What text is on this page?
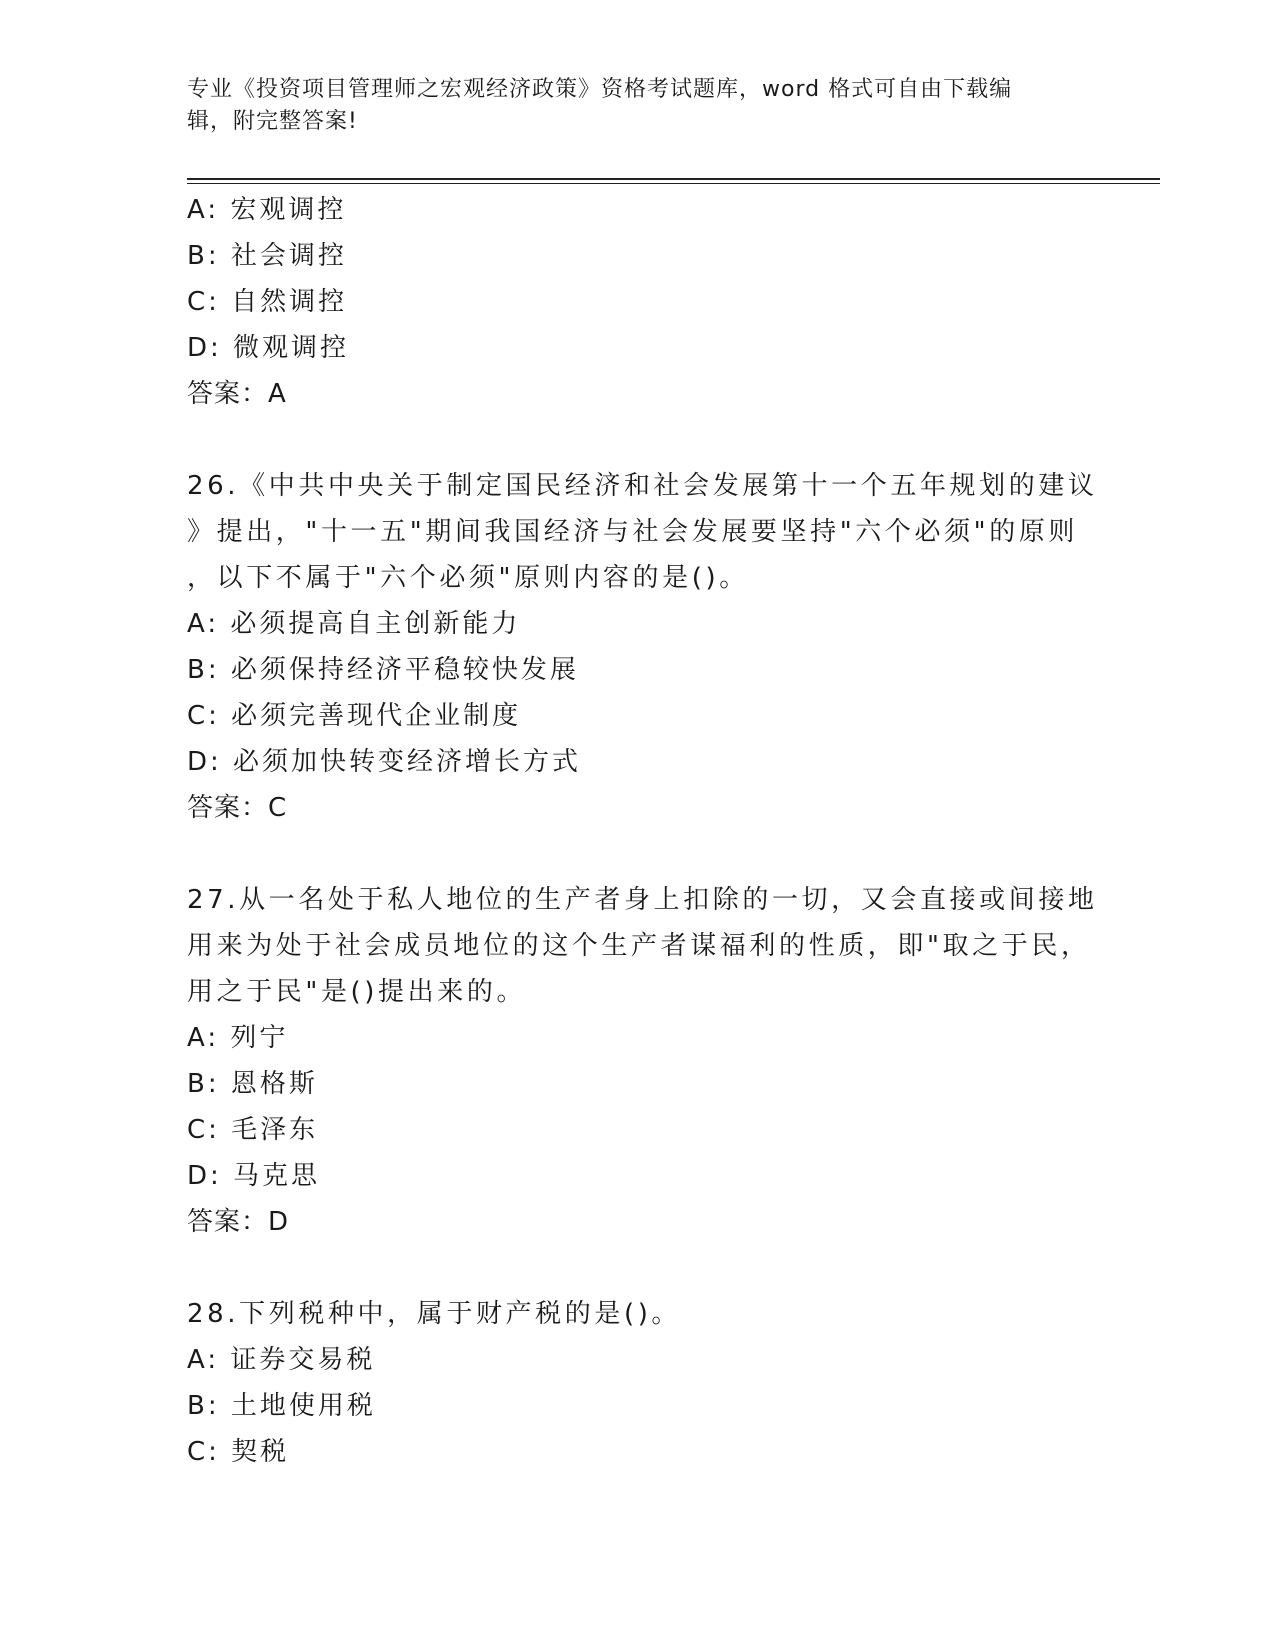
专业《投资项目管理师之宏观经济政策》资格考试题库，word 格式可自由下载编
辑，附完整答案!
A: 宏观调控
B: 社会调控
C: 自然调控
D: 微观调控
答案：A
26.《中共中央关于制定国民经济和社会发展第十一个五年规划的建议
》提出，"十一五"期间我国经济与社会发展要坚持"六个必须"的原则
，以下不属于"六个必须"原则内容的是()。
A: 必须提高自主创新能力
B: 必须保持经济平稳较快发展
C: 必须完善现代企业制度
D: 必须加快转变经济增长方式
答案：C
27.从一名处于私人地位的生产者身上扣除的一切，又会直接或间接地
用来为处于社会成员地位的这个生产者谋福利的性质，即"取之于民，
用之于民"是()提出来的。
A: 列宁
B: 恩格斯
C: 毛泽东
D: 马克思
答案：D
28.下列税种中，属于财产税的是()。
A: 证券交易税
B: 土地使用税
C: 契税
